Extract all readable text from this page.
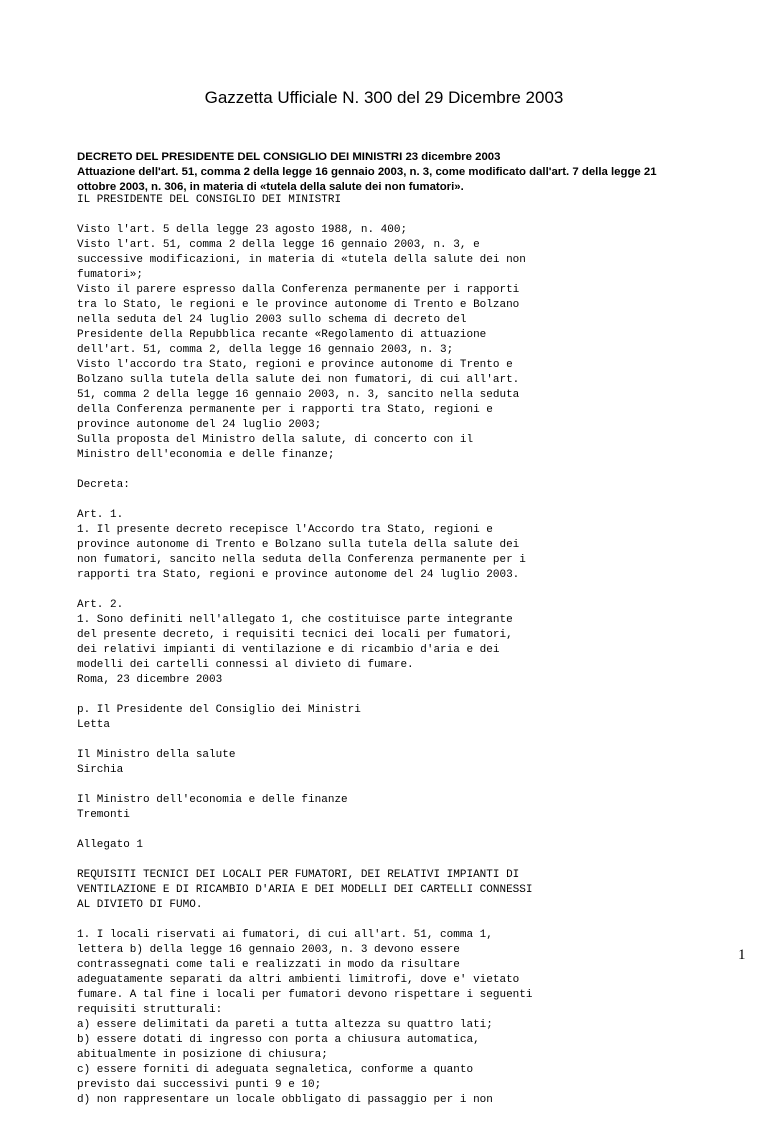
Gazzetta Ufficiale N. 300 del 29 Dicembre 2003
DECRETO DEL PRESIDENTE DEL CONSIGLIO DEI MINISTRI 23 dicembre 2003
Attuazione dell'art. 51, comma 2 della legge 16 gennaio 2003, n. 3, come modificato dall'art. 7 della legge 21
ottobre 2003, n. 306, in materia di «tutela della salute dei non fumatori».
IL PRESIDENTE DEL CONSIGLIO DEI MINISTRI
Visto l'art. 5 della legge 23 agosto 1988, n. 400;
Visto l'art. 51, comma 2 della legge 16 gennaio 2003, n. 3, e
successive modificazioni, in materia di «tutela della salute dei non
fumatori»;
Visto il parere espresso dalla Conferenza permanente per i rapporti
tra lo Stato, le regioni e le province autonome di Trento e Bolzano
nella seduta del 24 luglio 2003 sullo schema di decreto del
Presidente della Repubblica recante «Regolamento di attuazione
dell'art. 51, comma 2, della legge 16 gennaio 2003, n. 3;
Visto l'accordo tra Stato, regioni e province autonome di Trento e
Bolzano sulla tutela della salute dei non fumatori, di cui all'art.
51, comma 2 della legge 16 gennaio 2003, n. 3, sancito nella seduta
della Conferenza permanente per i rapporti tra Stato, regioni e
province autonome del 24 luglio 2003;
Sulla proposta del Ministro della salute, di concerto con il
Ministro dell'economia e delle finanze;
Decreta:
Art. 1.
1. Il presente decreto recepisce l'Accordo tra Stato, regioni e
province autonome di Trento e Bolzano sulla tutela della salute dei
non fumatori, sancito nella seduta della Conferenza permanente per i
rapporti tra Stato, regioni e province autonome del 24 luglio 2003.
Art. 2.
1. Sono definiti nell'allegato 1, che costituisce parte integrante
del presente decreto, i requisiti tecnici dei locali per fumatori,
dei relativi impianti di ventilazione e di ricambio d'aria e dei
modelli dei cartelli connessi al divieto di fumare.
Roma, 23 dicembre 2003
p. Il Presidente del Consiglio dei Ministri
Letta
Il Ministro della salute
Sirchia
Il Ministro dell'economia e delle finanze
Tremonti
Allegato 1
REQUISITI TECNICI DEI LOCALI PER FUMATORI, DEI RELATIVI IMPIANTI DI
VENTILAZIONE E DI RICAMBIO D'ARIA E DEI MODELLI DEI CARTELLI CONNESSI
AL DIVIETO DI FUMO.
1. I locali riservati ai fumatori, di cui all'art. 51, comma 1,
lettera b) della legge 16 gennaio 2003, n. 3 devono essere
contrassegnati come tali e realizzati in modo da risultare
adeguatamente separati da altri ambienti limitrofi, dove e' vietato
fumare. A tal fine i locali per fumatori devono rispettare i seguenti
requisiti strutturali:
a) essere delimitati da pareti a tutta altezza su quattro lati;
b) essere dotati di ingresso con porta a chiusura automatica,
abitualmente in posizione di chiusura;
c) essere forniti di adeguata segnaletica, conforme a quanto
previsto dai successivi punti 9 e 10;
d) non rappresentare un locale obbligato di passaggio per i non
1
